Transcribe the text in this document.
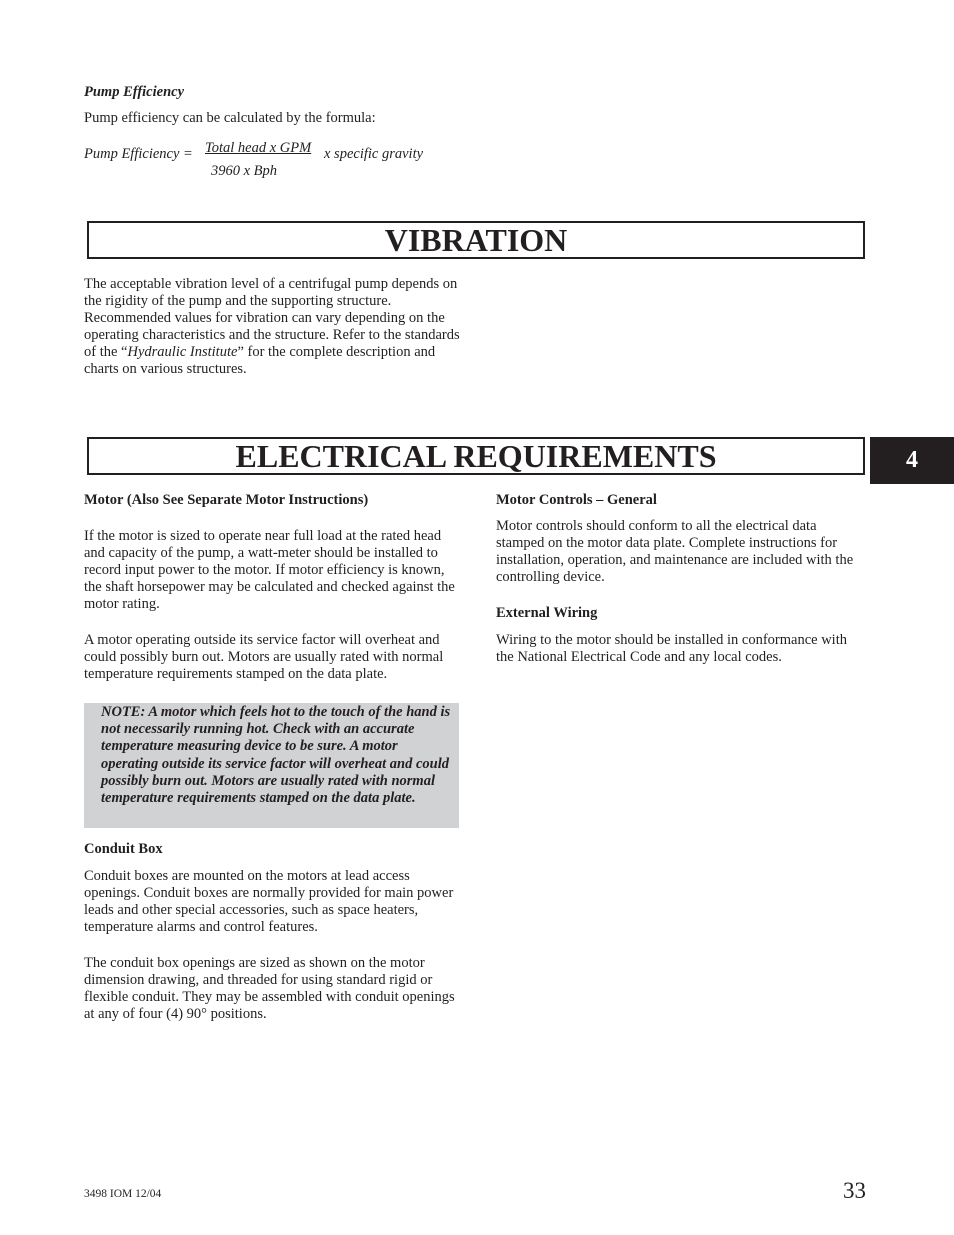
Pump Efficiency
Pump efficiency can be calculated by the formula:
Pump Efficiency = Total head x GPM x specific gravity
3960 x Bph
VIBRATION
The acceptable vibration level of a centrifugal pump depends on the rigidity of the pump and the supporting structure. Recommended values for vibration can vary depending on the operating characteristics and the structure. Refer to the standards of the “Hydraulic Institute” for the complete description and charts on various structures.
ELECTRICAL REQUIREMENTS	4
Motor (Also See Separate Motor Instructions)
If the motor is sized to operate near full load at the rated head and capacity of the pump, a watt-meter should be installed to record input power to the motor. If motor efficiency is known, the shaft horsepower may be calculated and checked against the motor rating.
A motor operating outside its service factor will overheat and could possibly burn out. Motors are usually rated with normal temperature requirements stamped on the data plate.
NOTE: A motor which feels hot to the touch of the hand is not necessarily running hot. Check with an accurate temperature measuring device to be sure. A motor operating outside its service factor will overheat and could possibly burn out. Motors are usually rated with normal temperature requirements stamped on the data plate.
Conduit Box
Conduit boxes are mounted on the motors at lead access openings. Conduit boxes are normally provided for main power leads and other special accessories, such as space heaters, temperature alarms and control features.
The conduit box openings are sized as shown on the motor dimension drawing, and threaded for using standard rigid or flexible conduit. They may be assembled with conduit openings at any of four (4) 90° positions.
Motor Controls – General
Motor controls should conform to all the electrical data stamped on the motor data plate. Complete instructions for installation, operation, and maintenance are included with the controlling device.
External Wiring
Wiring to the motor should be installed in conformance with the National Electrical Code and any local codes.
3498 IOM 12/04	33
